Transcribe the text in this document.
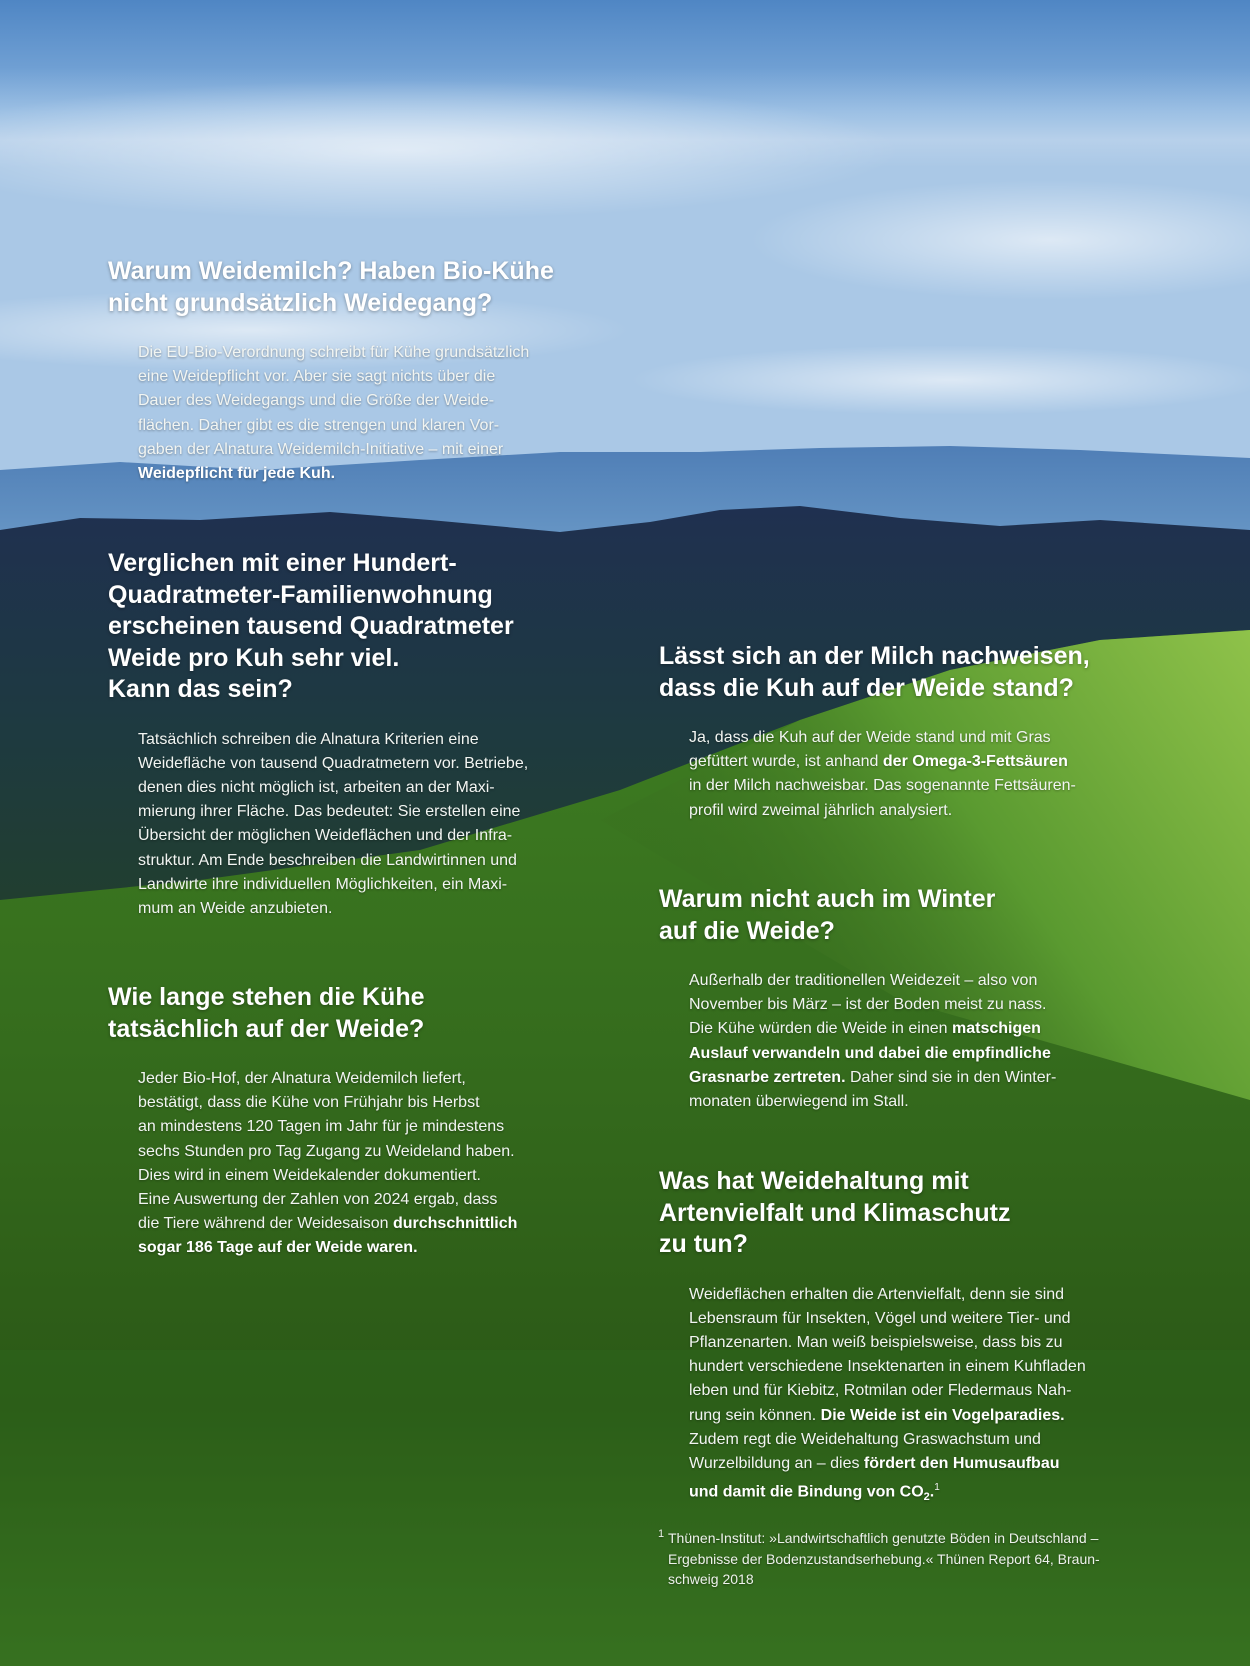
Warum Weidemilch? Haben Bio-Kühe
nicht grundsätzlich Weidegang?
Die EU-Bio-Verordnung schreibt für Kühe grundsätzlich
eine Weidepflicht vor. Aber sie sagt nichts über die
Dauer des Weidegangs und die Größe der Weide-
flächen. Daher gibt es die strengen und klaren Vor-
gaben der Alnatura Weidemilch-Initiative – mit einer
Weidepflicht für jede Kuh.
Verglichen mit einer Hundert-
Quadratmeter-Familienwohnung
erscheinen tausend Quadratmeter
Weide pro Kuh sehr viel.
Kann das sein?
Tatsächlich schreiben die Alnatura Kriterien eine
Weidefläche von tausend Quadratmetern vor. Betriebe,
denen dies nicht möglich ist, arbeiten an der Maxi-
mierung ihrer Fläche. Das bedeutet: Sie erstellen eine
Übersicht der möglichen Weideflächen und der Infra-
struktur. Am Ende beschreiben die Landwirtinnen und
Landwirte ihre individuellen Möglichkeiten, ein Maxi-
mum an Weide anzubieten.
Wie lange stehen die Kühe
tatsächlich auf der Weide?
Jeder Bio-Hof, der Alnatura Weidemilch liefert,
bestätigt, dass die Kühe von Frühjahr bis Herbst
an mindestens 120 Tagen im Jahr für je mindestens
sechs Stunden pro Tag Zugang zu Weideland haben.
Dies wird in einem Weidekalender dokumentiert.
Eine Auswertung der Zahlen von 2024 ergab, dass
die Tiere während der Weidesaison durchschnittlich
sogar 186 Tage auf der Weide waren.
Lässt sich an der Milch nachweisen,
dass die Kuh auf der Weide stand?
Ja, dass die Kuh auf der Weide stand und mit Gras
gefüttert wurde, ist anhand der Omega-3-Fettsäuren
in der Milch nachweisbar. Das sogenannte Fettsäuren-
profil wird zweimal jährlich analysiert.
Warum nicht auch im Winter
auf die Weide?
Außerhalb der traditionellen Weidezeit – also von
November bis März – ist der Boden meist zu nass.
Die Kühe würden die Weide in einen matschigen
Auslauf verwandeln und dabei die empfindliche
Grasnarbe zertreten. Daher sind sie in den Winter-
monaten überwiegend im Stall.
Was hat Weidehaltung mit
Artenvielfalt und Klimaschutz
zu tun?
Weideflächen erhalten die Artenvielfalt, denn sie sind
Lebensraum für Insekten, Vögel und weitere Tier- und
Pflanzenarten. Man weiß beispielsweise, dass bis zu
hundert verschiedene Insektenarten in einem Kuhfladen
leben und für Kiebitz, Rotmilan oder Fledermaus Nah-
rung sein können. Die Weide ist ein Vogelparadies.
Zudem regt die Weidehaltung Graswachstum und
Wurzelbildung an – dies fördert den Humusaufbau
und damit die Bindung von $CO_2.^1$
1 Thünen-Institut: »Landwirtschaftlich genutzte Böden in Deutschland –
Ergebnisse der Bodenzustandserhebung.« Thünen Report 64, Braun-
schweig 2018
